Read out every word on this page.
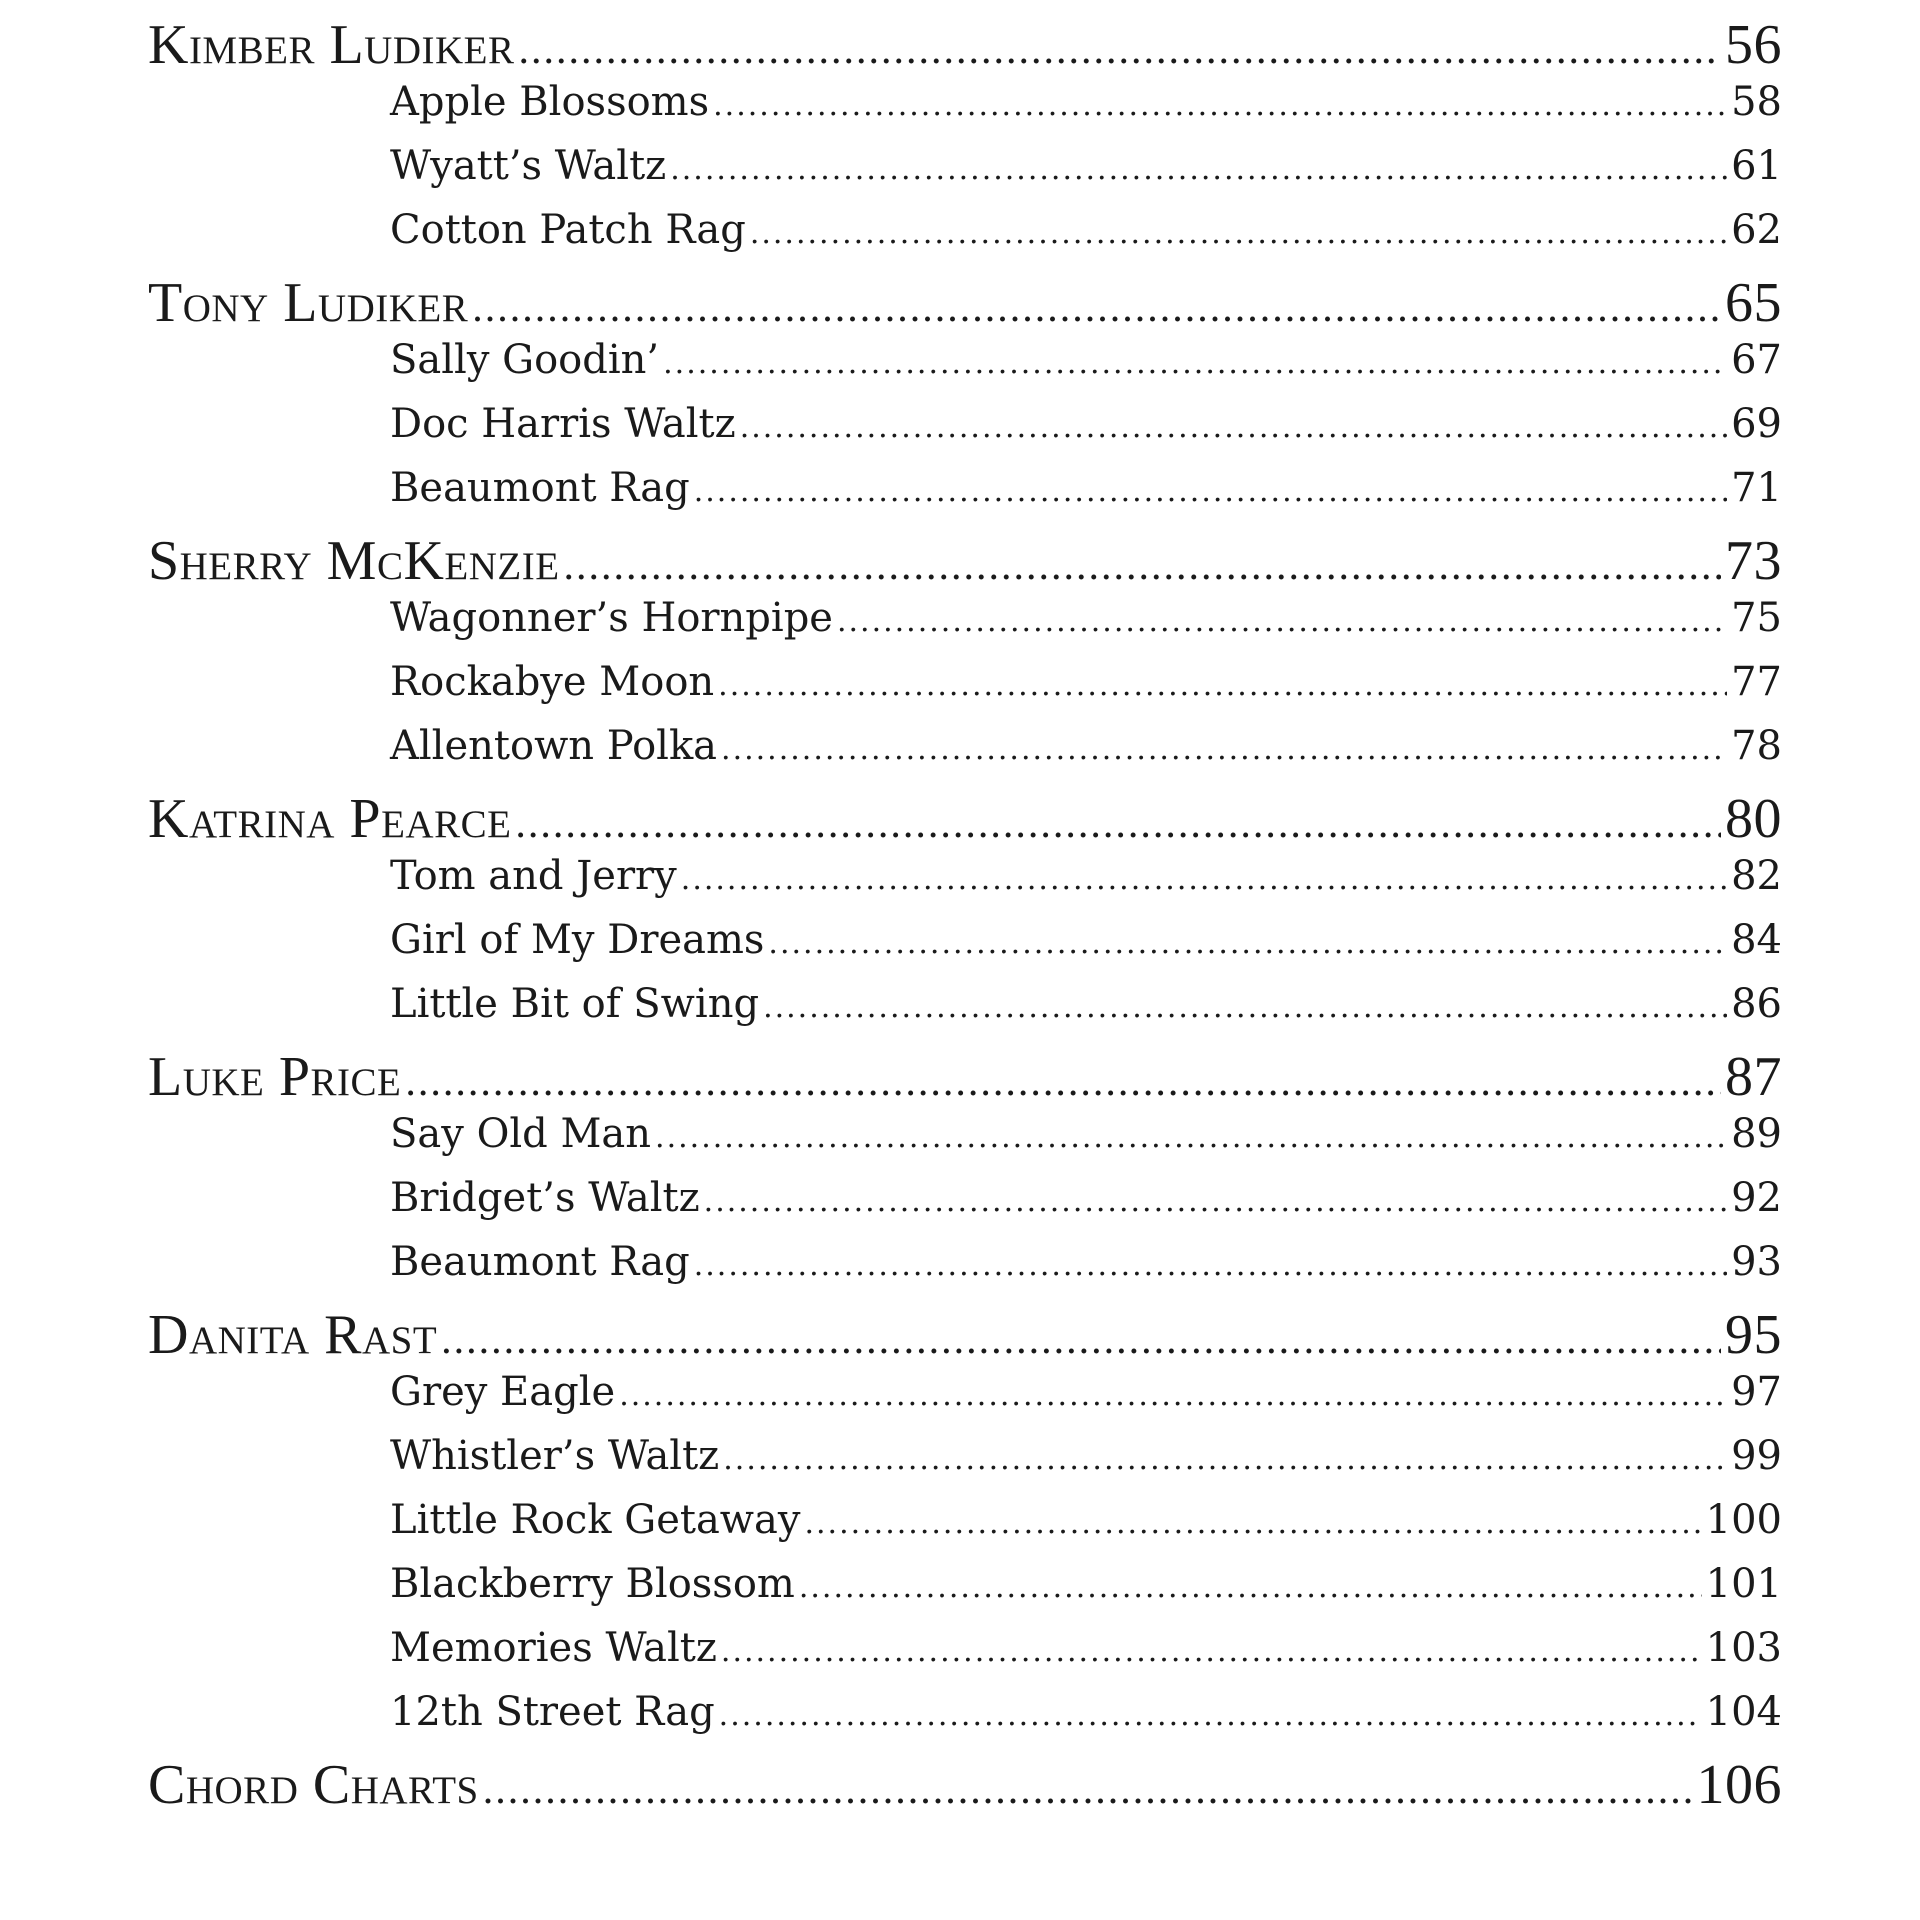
Kimber Ludiker .....	56
Apple Blossoms .....	58
Wyatt’s Waltz .....	61
Cotton Patch Rag .....	62
Tony Ludiker .....	65
Sally Goodin’ .....	67
Doc Harris Waltz .....	69
Beaumont Rag .....	71
Sherry McKenzie .....	73
Wagonner’s Hornpipe .....	75
Rockabye Moon .....	77
Allentown Polka .....	78
Katrina Pearce .....	80
Tom and Jerry .....	82
Girl of My Dreams .....	84
Little Bit of Swing .....	86
Luke Price .....	87
Say Old Man .....	89
Bridget’s Waltz .....	92
Beaumont Rag .....	93
Danita Rast .....	95
Grey Eagle .....	97
Whistler’s Waltz .....	99
Little Rock Getaway .....	100
Blackberry Blossom .....	101
Memories Waltz .....	103
12th Street Rag .....	104
Chord Charts .....	106
